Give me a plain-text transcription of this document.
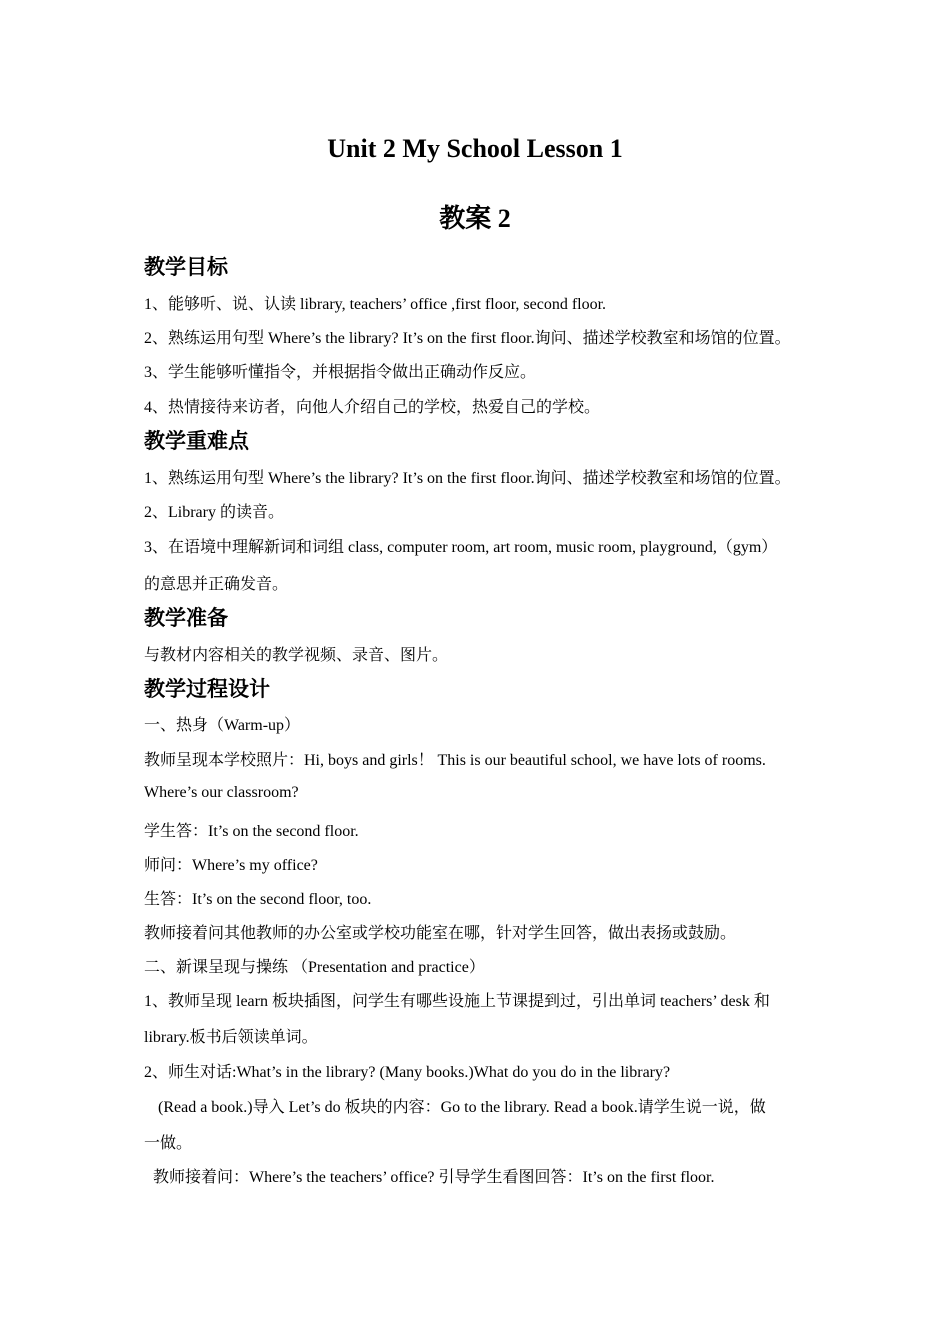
Unit 2 My School Lesson 1
教案 2
教学目标
1、能够听、说、认读 library, teachers’ office ,first floor, second floor.
2、熟练运用句型 Where’s the library? It’s on the first floor.询问、描述学校教室和场馆的位置。
3、学生能够听懂指令，并根据指令做出正确动作反应。
4、热情接待来访者，向他人介绍自己的学校，热爱自己的学校。
教学重难点
1、熟练运用句型 Where’s the library? It’s on the first floor.询问、描述学校教室和场馆的位置。
2、Library 的读音。
3、在语境中理解新词和词组 class, computer room, art room, music room, playground,（gym）
的意思并正确发音。
教学准备
与教材内容相关的教学视频、录音、图片。
教学过程设计
一、热身（Warm-up）
教师呈现本学校照片：Hi, boys and girls！ This is our beautiful school, we have lots of rooms.
Where’s our classroom?
学生答：It’s on the second floor.
师问：Where’s my office?
生答：It’s on the second floor, too.
教师接着问其他教师的办公室或学校功能室在哪，针对学生回答，做出表扬或鼓励。
二、新课呈现与操练 （Presentation and practice）
1、教师呈现 learn 板块插图，问学生有哪些设施上节课提到过，引出单词 teachers’ desk 和
library.板书后领读单词。
2、师生对话:What’s in the library? (Many books.)What do you do in the library?
(Read a book.)导入 Let’s do 板块的内容：Go to the library. Read a book.请学生说一说，做
一做。
教师接着问：Where’s the teachers’ office? 引导学生看图回答：It’s on the first floor.
